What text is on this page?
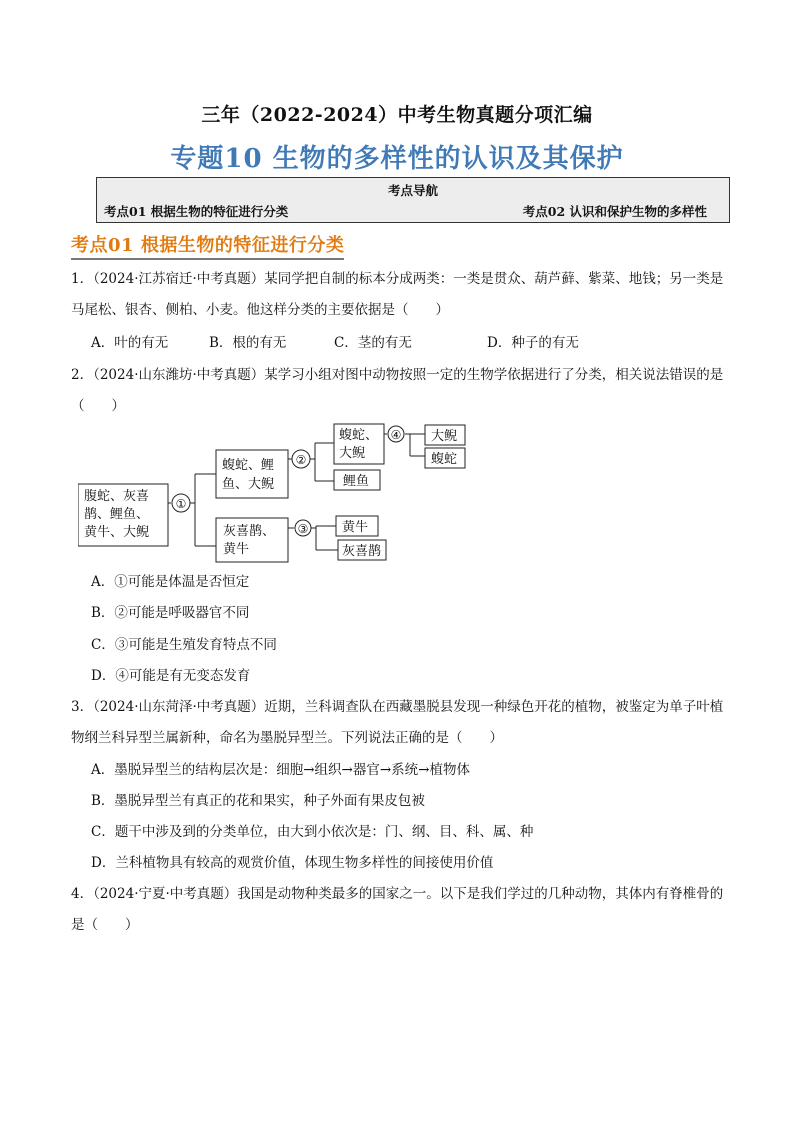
三年（2022-2024）中考生物真题分项汇编
专题10 生物的多样性的认识及其保护
考点导航
考点01 根据生物的特征进行分类	考点02 认识和保护生物的多样性
考点01 根据生物的特征进行分类
1．（2024·江苏宿迁·中考真题）某同学把自制的标本分成两类：一类是贯众、葫芦藓、紫菜、地钱；另一类是马尾松、银杏、侧柏、小麦。他这样分类的主要依据是（　　）
A．叶的有无	B．根的有无	C．茎的有无	D．种子的有无
2．（2024·山东潍坊·中考真题）某学习小组对图中动物按照一定的生物学依据进行了分类，相关说法错误的是（　　）
腹蛇、灰喜
鹊、鲤鱼、
黄牛、大鲵
①
②
③
④
蝮蛇、鲤
鱼、大鲵
灰喜鹊、
黄牛
蝮蛇、
大鲵
鲤鱼
大鲵
蝮蛇
黄牛
灰喜鹊
A．①可能是体温是否恒定
B．②可能是呼吸器官不同
C．③可能是生殖发育特点不同
D．④可能是有无变态发育
3．（2024·山东菏泽·中考真题）近期，兰科调查队在西藏墨脱县发现一种绿色开花的植物，被鉴定为单子叶植物纲兰科异型兰属新种，命名为墨脱异型兰。下列说法正确的是（　　）
A．墨脱异型兰的结构层次是：细胞→组织→器官→系统→植物体
B．墨脱异型兰有真正的花和果实，种子外面有果皮包被
C．题干中涉及到的分类单位，由大到小依次是：门、纲、目、科、属、种
D．兰科植物具有较高的观赏价值，体现生物多样性的间接使用价值
4．（2024·宁夏·中考真题）我国是动物种类最多的国家之一。以下是我们学过的几种动物，其体内有脊椎骨的是（　　）
